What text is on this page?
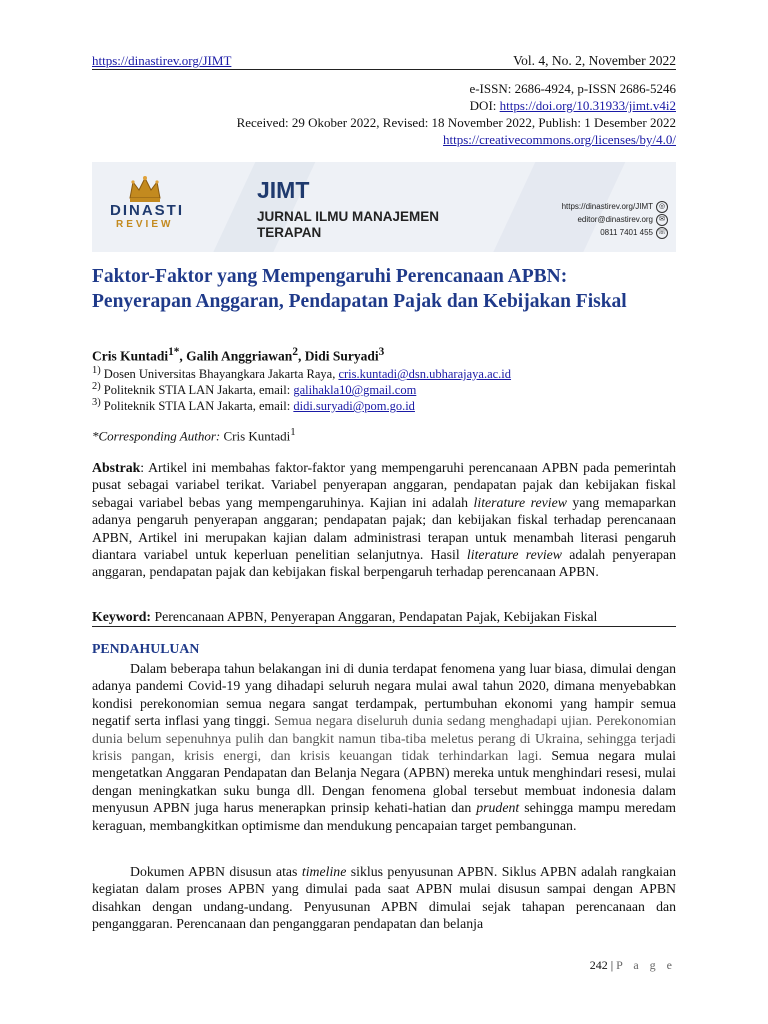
https://dinastirev.org/JIMT	Vol. 4, No. 2, November 2022
e-ISSN: 2686-4924, p-ISSN 2686-5246
DOI: https://doi.org/10.31933/jimt.v4i2
Received: 29 Okober 2022, Revised: 18 November 2022, Publish: 1 Desember 2022
https://creativecommons.org/licenses/by/4.0/
DINASTI
REVIEW
JIMT
JURNAL ILMU MANAJEMEN
TERAPAN
https://dinastirev.org/JIMT ◎
editor@dinastirev.org ✉
0811 7401 455 ☏
Faktor-Faktor yang Mempengaruhi Perencanaan APBN:
Penyerapan Anggaran, Pendapatan Pajak dan Kebijakan Fiskal
Cris Kuntadi$^{1*}$, Galih Anggriawan$^2$, Didi Suryadi$^3$
$^{1)}$ Dosen Universitas Bhayangkara Jakarta Raya, cris.kuntadi@dsn.ubharajaya.ac.id
$^{2)}$ Politeknik STIA LAN Jakarta, email: galihakla10@gmail.com
$^{3)}$ Politeknik STIA LAN Jakarta, email: didi.suryadi@pom.go.id
*Corresponding Author: Cris Kuntadi$^1$
Abstrak: Artikel ini membahas faktor-faktor yang mempengaruhi perencanaan APBN pada pemerintah pusat sebagai variabel terikat. Variabel penyerapan anggaran, pendapatan pajak dan kebijakan fiskal sebagai variabel bebas yang mempengaruhinya. Kajian ini adalah literature review yang memaparkan adanya pengaruh penyerapan anggaran; pendapatan pajak; dan kebijakan fiskal terhadap perencanaan APBN, Artikel ini merupakan kajian dalam administrasi terapan untuk menambah literasi pengaruh diantara variabel untuk keperluan penelitian selanjutnya. Hasil literature review adalah penyerapan anggaran, pendapatan pajak dan kebijakan fiskal berpengaruh terhadap perencanaan APBN.
Keyword: Perencanaan APBN, Penyerapan Anggaran, Pendapatan Pajak, Kebijakan Fiskal
PENDAHULUAN
Dalam beberapa tahun belakangan ini di dunia terdapat fenomena yang luar biasa, dimulai dengan adanya pandemi Covid-19 yang dihadapi seluruh negara mulai awal tahun 2020, dimana menyebabkan kondisi perekonomian semua negara sangat terdampak, pertumbuhan ekonomi yang hampir semua negatif serta inflasi yang tinggi. Semua negara diseluruh dunia sedang menghadapi ujian. Perekonomian dunia belum sepenuhnya pulih dan bangkit namun tiba-tiba meletus perang di Ukraina, sehingga terjadi krisis pangan, krisis energi, dan krisis keuangan tidak terhindarkan lagi. Semua negara mulai mengetatkan Anggaran Pendapatan dan Belanja Negara (APBN) mereka untuk menghindari resesi, mulai dengan meningkatkan suku bunga dll. Dengan fenomena global tersebut membuat indonesia dalam menyusun APBN juga harus menerapkan prinsip kehati-hatian dan prudent sehingga mampu meredam keraguan, membangkitkan optimisme dan mendukung pencapaian target pembangunan.
Dokumen APBN disusun atas timeline siklus penyusunan APBN. Siklus APBN adalah rangkaian kegiatan dalam proses APBN yang dimulai pada saat APBN mulai disusun sampai dengan APBN disahkan dengan undang-undang. Penyusunan APBN dimulai sejak tahapan perencanaan dan penganggaran. Perencanaan dan penganggaran pendapatan dan belanja
242 | P a g e
